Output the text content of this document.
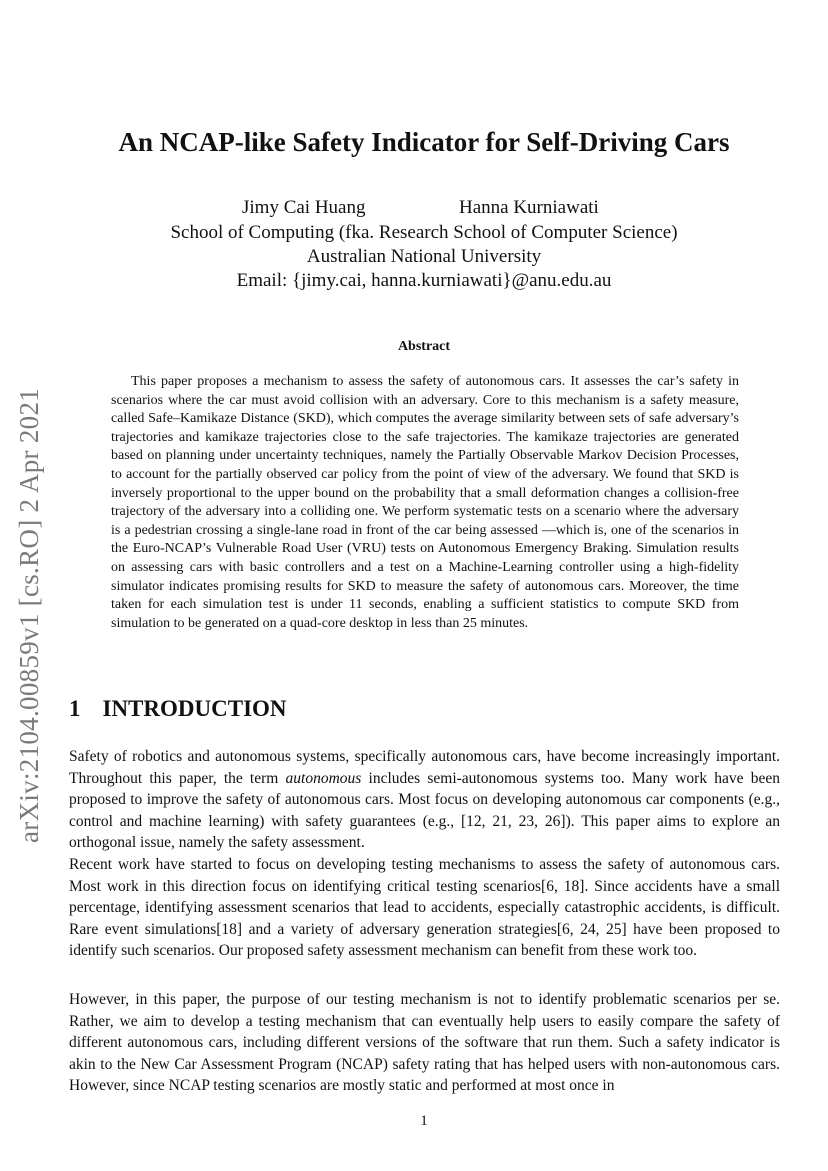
arXiv:2104.00859v1 [cs.RO] 2 Apr 2021
An NCAP-like Safety Indicator for Self-Driving Cars
Jimy Cai Huang	Hanna Kurniawati

School of Computing (fka. Research School of Computer Science)

Australian National University

Email: {jimy.cai, hanna.kurniawati}@anu.edu.au

Abstract

This paper proposes a mechanism to assess the safety of autonomous cars. It assesses the car’s safety in scenarios where the car must avoid collision with an adversary. Core to this mechanism is a safety measure, called Safe–Kamikaze Distance (SKD), which computes the average similarity between sets of safe adversary’s trajectories and kamikaze trajectories close to the safe trajectories. The kamikaze trajectories are generated based on planning under uncertainty techniques, namely the Partially Observable Markov Decision Processes, to account for the partially observed car policy from the point of view of the adversary. We found that SKD is inversely proportional to the upper bound on the probability that a small deformation changes a collision-free trajectory of the adversary into a colliding one. We perform systematic tests on a scenario where the adversary is a pedestrian crossing a single-lane road in front of the car being assessed —which is, one of the scenarios in the Euro-NCAP’s Vulnerable Road User (VRU) tests on Autonomous Emergency Braking. Simulation results on assessing cars with basic controllers and a test on a Machine-Learning controller using a high-fidelity simulator indicates promising results for SKD to measure the safety of autonomous cars. Moreover, the time taken for each simulation test is under 11 seconds, enabling a sufficient statistics to compute SKD from simulation to be generated on a quad-core desktop in less than 25 minutes.

1 INTRODUCTION

Safety of robotics and autonomous systems, specifically autonomous cars, have become increasingly important. Throughout this paper, the term autonomous includes semi-autonomous systems too. Many work have been proposed to improve the safety of autonomous cars. Most focus on developing autonomous car components (e.g., control and machine learning) with safety guarantees (e.g., [12, 21, 23, 26]). This paper aims to explore an orthogonal issue, namely the safety assessment.

Recent work have started to focus on developing testing mechanisms to assess the safety of autonomous cars. Most work in this direction focus on identifying critical testing scenarios[6, 18]. Since accidents have a small percentage, identifying assessment scenarios that lead to accidents, especially catastrophic accidents, is difficult. Rare event simulations[18] and a variety of adversary generation strategies[6, 24, 25] have been proposed to identify such scenarios. Our proposed safety assessment mechanism can benefit from these work too.

However, in this paper, the purpose of our testing mechanism is not to identify problematic scenarios per se. Rather, we aim to develop a testing mechanism that can eventually help users to easily compare the safety of different autonomous cars, including different versions of the software that run them. Such a safety indicator is akin to the New Car Assessment Program (NCAP) safety rating that has helped users with non-autonomous cars. However, since NCAP testing scenarios are mostly static and performed at most once in

1
